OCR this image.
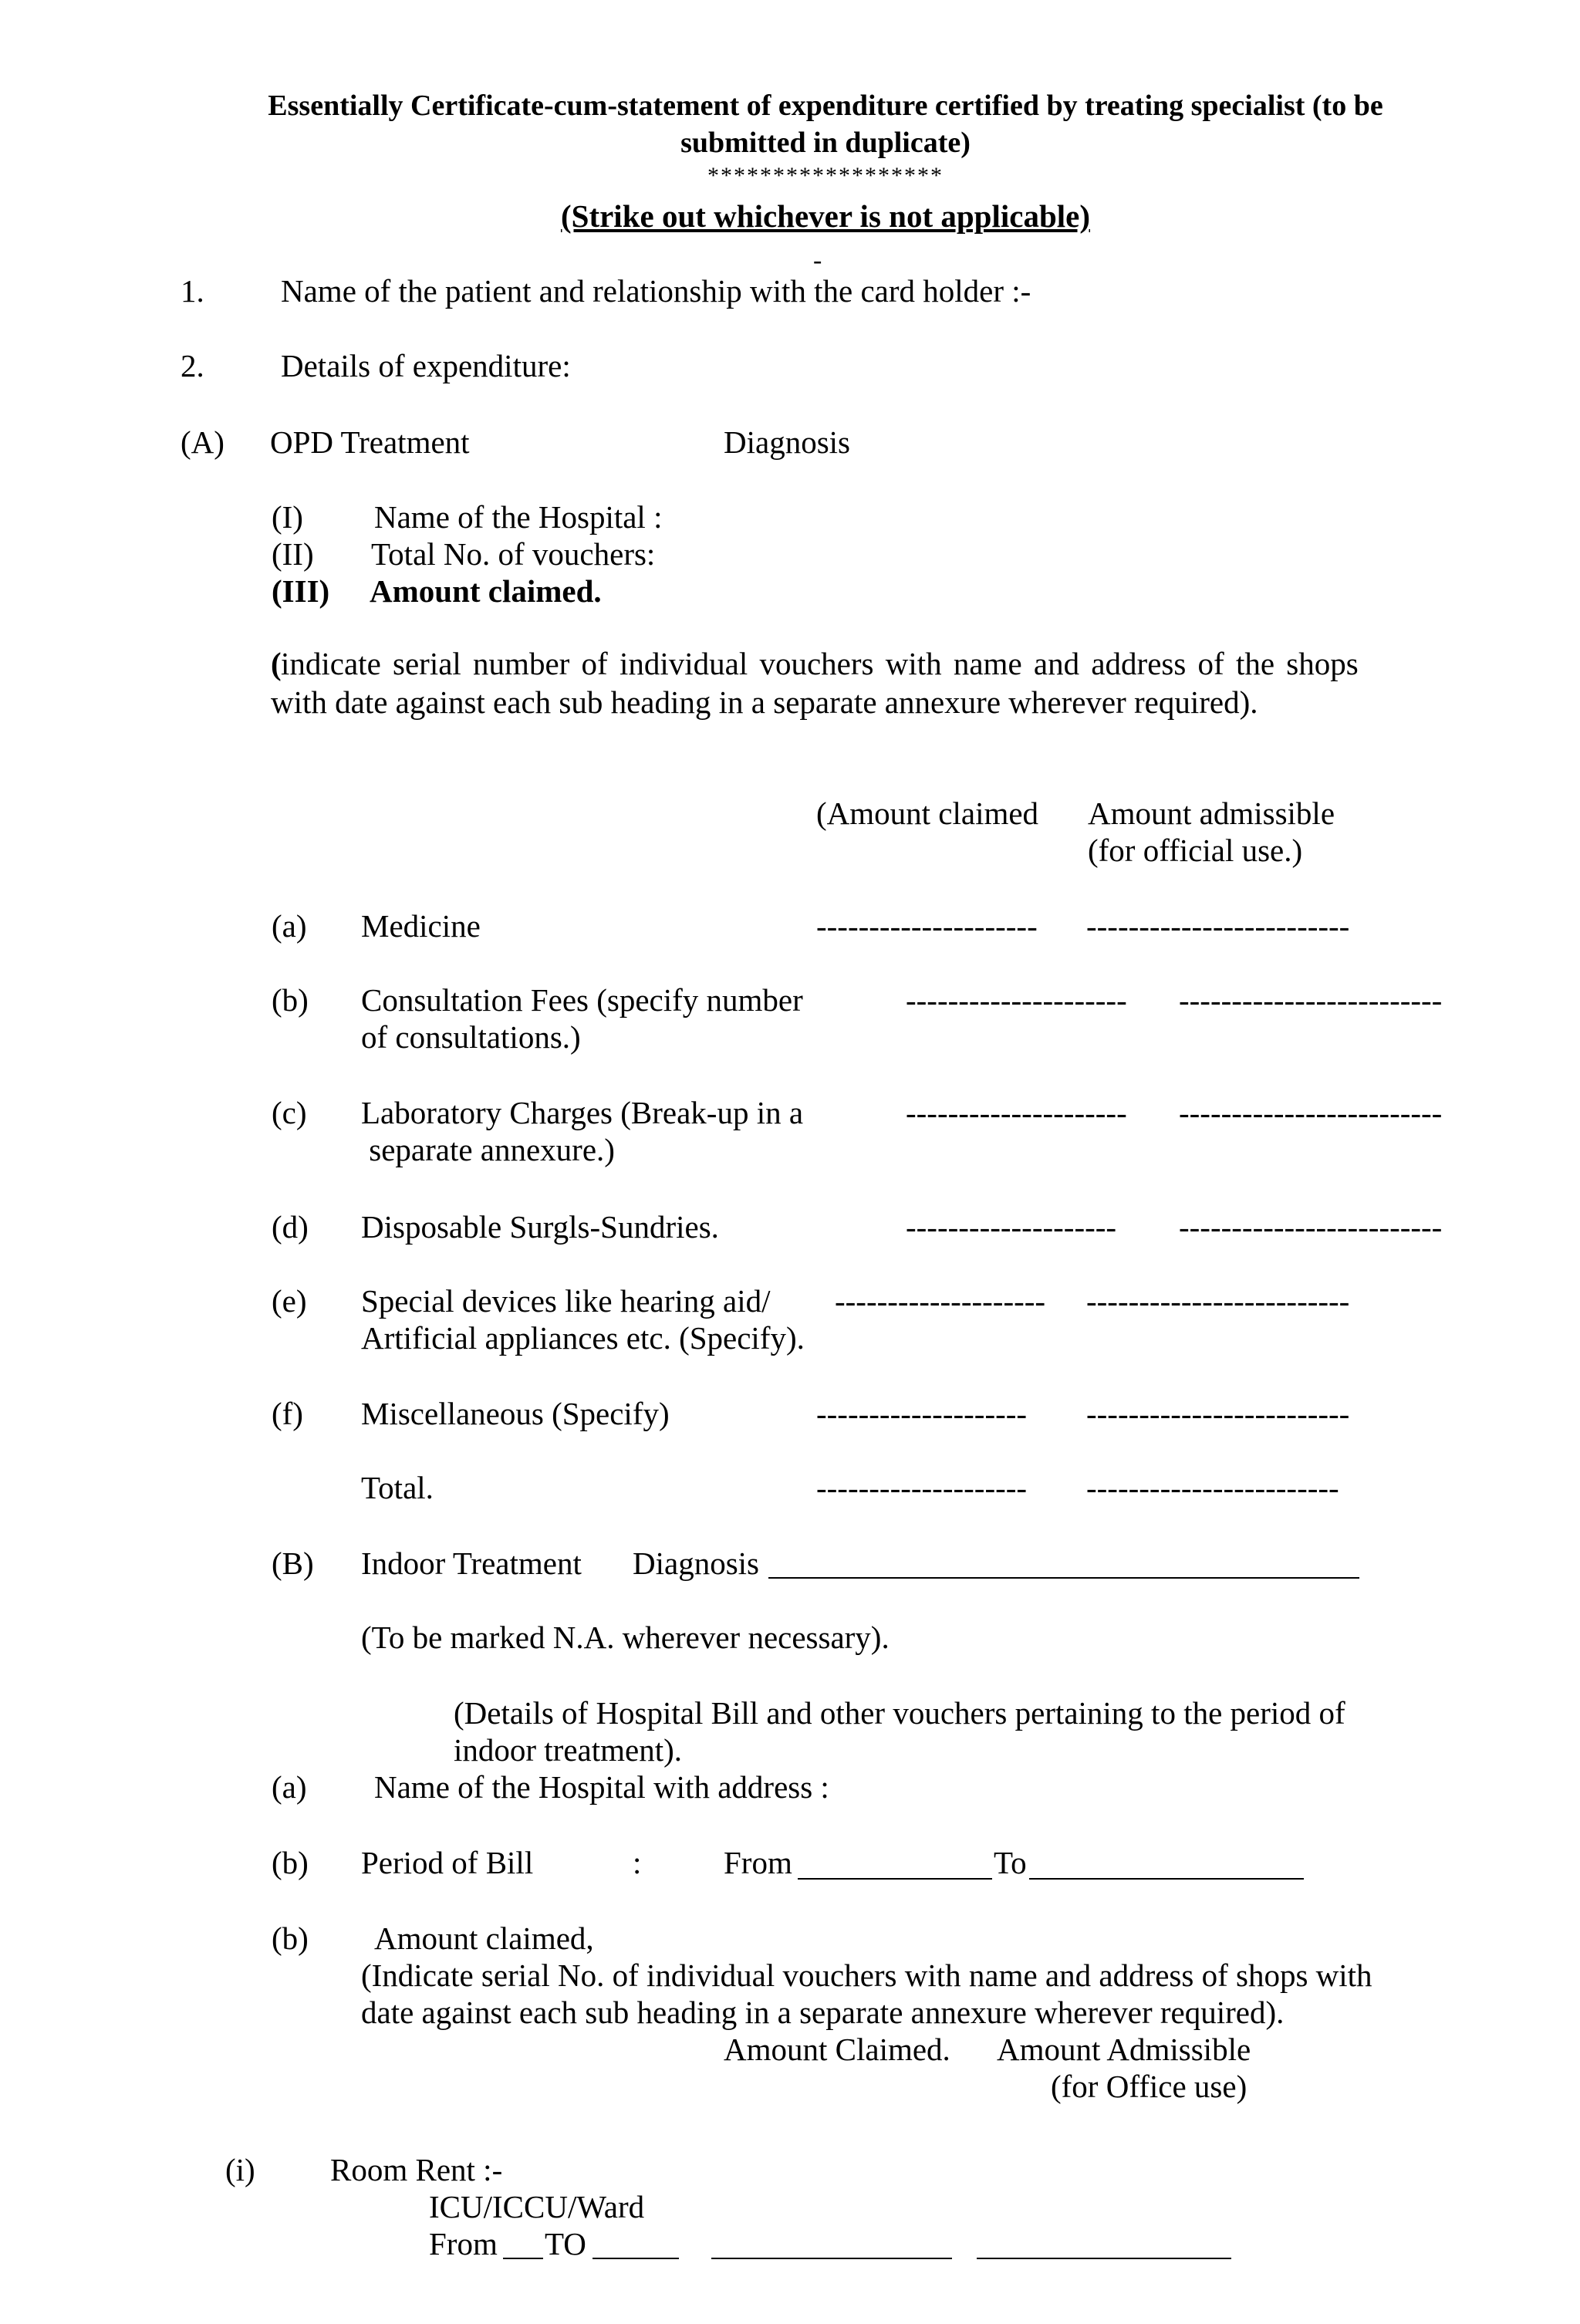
Essentially Certificate-cum-statement of expenditure certified by treating specialist (to be
submitted in duplicate)
******************
(Strike out whichever is not applicable)
-
1. Name of the patient and relationship with the card holder :-
2. Details of expenditure:
(A) OPD Treatment	Diagnosis
(I) Name of the Hospital :
(II) Total No. of vouchers:
(III) Amount claimed.
( indicate serial number of individual vouchers with name and address of the shops
with date against each sub heading in a separate annexure wherever required).
(Amount claimed Amount admissible
(for official use.)
(a) Medicine	--------------------- -------------------------
(b) Consultation Fees (specify number
of consultations.)
--------------------- -------------------------
(c) Laboratory Charges (Break-up in a
separate annexure.)
--------------------- -------------------------
(d) Disposable Surgls-Sundries.	-------------------- -------------------------
(e) Special devices like hearing aid/
Artificial appliances etc. (Specify).
-------------------- -------------------------
(f) Miscellaneous (Specify)	-------------------- -------------------------
Total.	-------------------- ------------------------
(B) Indoor Treatment Diagnosis
(To be marked N.A. wherever necessary).
(Details of Hospital Bill and other vouchers pertaining to the period of
indoor treatment).
(a) Name of the Hospital with address :
(b) Period of Bill	:	From	To
(b) Amount claimed,
(Indicate serial No. of individual vouchers with name and address of shops with
date against each sub heading in a separate annexure wherever required).
Amount Claimed. Amount Admissible
(for Office use)
(i) Room Rent :-
ICU/ICCU/Ward
From TO
